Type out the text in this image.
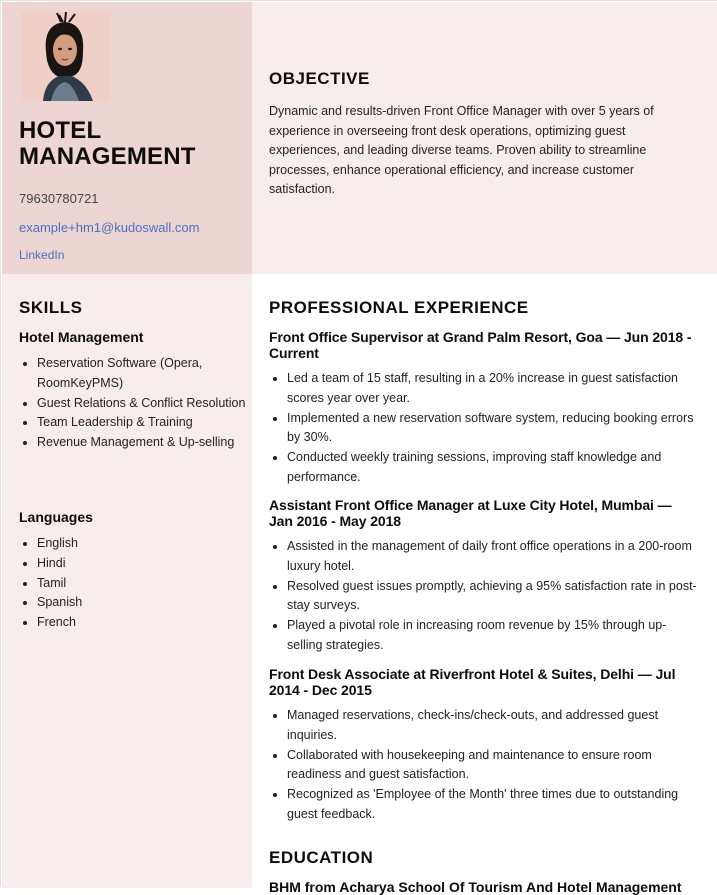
HOTEL MANAGEMENT
79630780721
example+hm1@kudoswall.com
LinkedIn
OBJECTIVE

Dynamic and results-driven Front Office Manager with over 5 years of experience in overseeing front desk operations, optimizing guest experiences, and leading diverse teams. Proven ability to streamline processes, enhance operational efficiency, and increase customer satisfaction.

SKILLS
Hotel Management
• Reservation Software (Opera, RoomKeyPMS)
• Guest Relations & Conflict Resolution
• Team Leadership & Training
• Revenue Management & Up-selling
Languages
• English
• Hindi
• Tamil
• Spanish
• French
PROFESSIONAL EXPERIENCE
Front Office Supervisor at Grand Palm Resort, Goa — Jun 2018 - Current
• Led a team of 15 staff, resulting in a 20% increase in guest satisfaction scores year over year.
• Implemented a new reservation software system, reducing booking errors by 30%.
• Conducted weekly training sessions, improving staff knowledge and performance.
Assistant Front Office Manager at Luxe City Hotel, Mumbai — Jan 2016 - May 2018
• Assisted in the management of daily front office operations in a 200-room luxury hotel.
• Resolved guest issues promptly, achieving a 95% satisfaction rate in post-stay surveys.
• Played a pivotal role in increasing room revenue by 15% through up-selling strategies.
Front Desk Associate at Riverfront Hotel & Suites, Delhi — Jul 2014 - Dec 2015
• Managed reservations, check-ins/check-outs, and addressed guest inquiries.
• Collaborated with housekeeping and maintenance to ensure room readiness and guest satisfaction.
• Recognized as 'Employee of the Month' three times due to outstanding guest feedback.
EDUCATION

BHM from Acharya School Of Tourism And Hotel Management
